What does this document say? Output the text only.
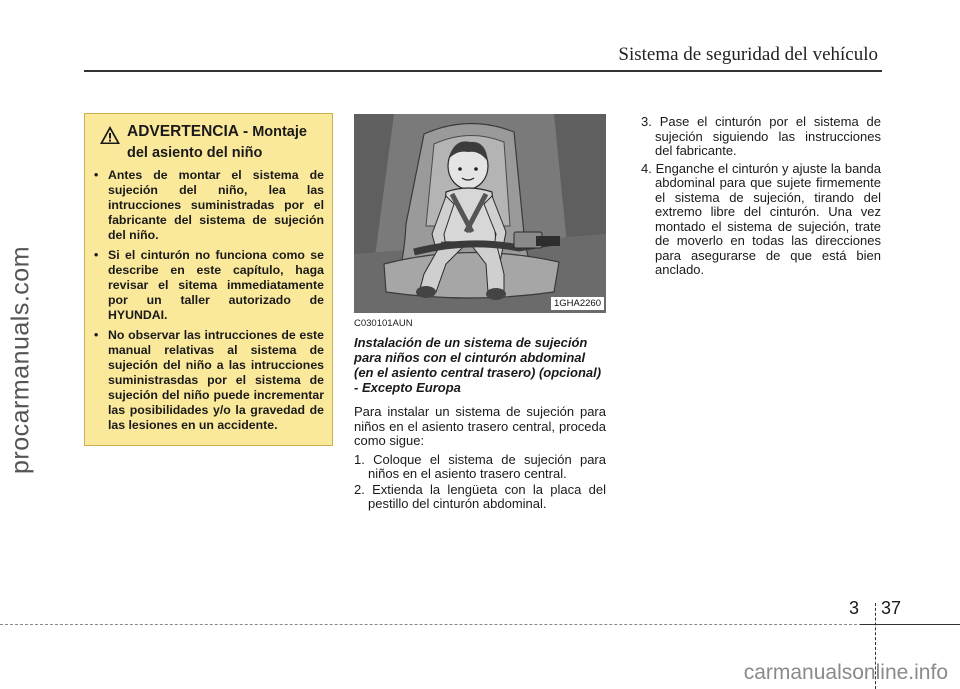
Sistema de seguridad del vehículo
procarmanuals.com
ADVERTENCIA - Montaje
del asiento del niño
• Antes de montar el sistema de sujeción del niño, lea las intrucciones suministradas por el fabricante del sistema de sujeción del niño.
• Si el cinturón no funciona como se describe en este capítulo, haga revisar el sitema immediatamente por un taller autorizado de HYUNDAI.
• No observar las intrucciones de este manual relativas al sistema de sujeción del niño a las intrucciones suministrasdas por el sistema de sujeción del niño puede incrementar las posibilidades y/o la gravedad de las lesiones en un accidente.
1GHA2260
C030101AUN
Instalación de un sistema de sujeción para niños con el cinturón abdominal (en el asiento central trasero) (opcional) - Excepto Europa
Para instalar un sistema de sujeción para niños en el asiento trasero central, proceda como sigue:
1. Coloque el sistema de sujeción para niños en el asiento trasero central.
2. Extienda la lengüeta con la placa del pestillo del cinturón abdominal.
3. Pase el cinturón por el sistema de sujeción siguiendo las instrucciones del fabricante.
4. Enganche el cinturón y ajuste la banda abdominal para que sujete firmemente el sistema de sujeción, tirando del extremo libre del cinturón. Una vez montado el sistema de sujeción, trate de moverlo en todas las direcciones para asegurarse de que está bien anclado.
3 37
carmanualsonline.info
